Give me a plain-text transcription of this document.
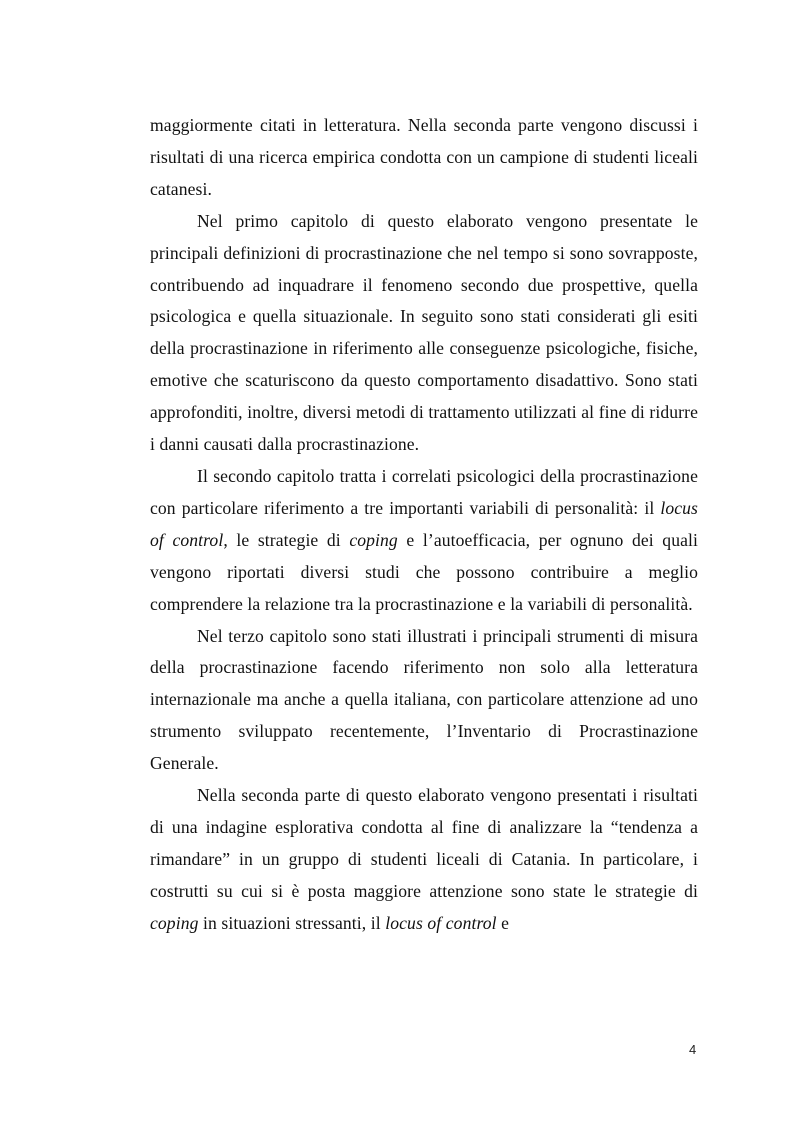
maggiormente citati in letteratura. Nella seconda parte vengono discussi i risultati di una ricerca empirica condotta con un campione di studenti liceali catanesi.

Nel primo capitolo di questo elaborato vengono presentate le principali definizioni di procrastinazione che nel tempo si sono sovrapposte, contribuendo ad inquadrare il fenomeno secondo due prospettive, quella psicologica e quella situazionale. In seguito sono stati considerati gli esiti della procrastinazione in riferimento alle conseguenze psicologiche, fisiche, emotive che scaturiscono da questo comportamento disadattivo. Sono stati approfonditi, inoltre, diversi metodi di trattamento utilizzati al fine di ridurre i danni causati dalla procrastinazione.

Il secondo capitolo tratta i correlati psicologici della procrastinazione con particolare riferimento a tre importanti variabili di personalità: il locus of control, le strategie di coping e l’autoefficacia, per ognuno dei quali vengono riportati diversi studi che possono contribuire a meglio comprendere la relazione tra la procrastinazione e la variabili di personalità.

Nel terzo capitolo sono stati illustrati i principali strumenti di misura della procrastinazione facendo riferimento non solo alla letteratura internazionale ma anche a quella italiana, con particolare attenzione ad uno strumento sviluppato recentemente, l’Inventario di Procrastinazione Generale.

Nella seconda parte di questo elaborato vengono presentati i risultati di una indagine esplorativa condotta al fine di analizzare la “tendenza a rimandare” in un gruppo di studenti liceali di Catania. In particolare, i costrutti su cui si è posta maggiore attenzione sono state le strategie di coping in situazioni stressanti, il locus of control e

4
